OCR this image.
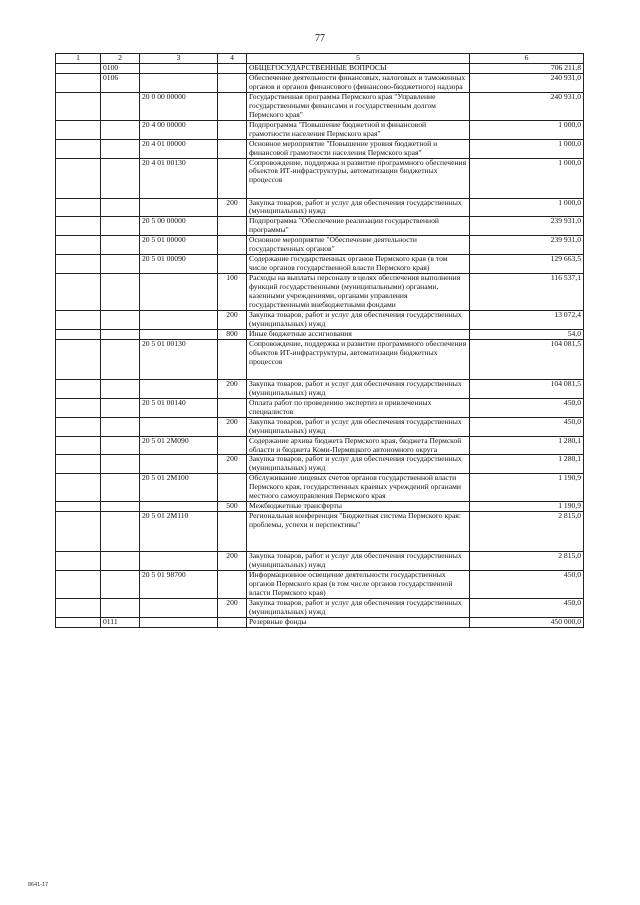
77
1	2	3	4	5	6
	0100			ОБЩЕГОСУДАРСТВЕННЫЕ ВОПРОСЫ	706 211,8
	0106			Обеспечение деятельности финансовых, налоговых и таможенных органов и органов финансового (финансово-бюджетного) надзора	240 931,0
		20 0 00 00000		Государственная программа Пермского края "Управление государственными финансами и государственным долгом Пермского края"	240 931,0
		20 4 00 00000		Подпрограмма "Повышение бюджетной и финансовой грамотности населения Пермского края"	1 000,0
		20 4 01 00000		Основное мероприятие "Повышение уровня бюджетной и финансовой грамотности населения Пермского края"	1 000,0
		20 4 01 00130		Сопровождение, поддержка и развитие программного обеспечения объектов ИТ-инфраструктуры, автоматизации бюджетных процессов	1 000,0
			200	Закупка товаров, работ и услуг для обеспечения государственных (муниципальных) нужд	1 000,0
		20 5 00 00000		Подпрограмма "Обеспечение реализации государственной программы"	239 931,0
		20 5 01 00000		Основное мероприятие "Обеспечение деятельности государственных органов"	239 931,0
		20 5 01 00090		Содержание государственных органов Пермского края (в том числе органов государственной власти Пермского края)	129 663,5
			100	Расходы на выплаты персоналу в целях обеспечения выполнения функций государственными (муниципальными) органами, казенными учреждениями, органами управления государственными внебюджетными фондами	116 537,1
			200	Закупка товаров, работ и услуг для обеспечения государственных (муниципальных) нужд	13 072,4
			800	Иные бюджетные ассигнования	54,0
		20 5 01 00130		Сопровождение, поддержка и развитие программного обеспечения объектов ИТ-инфраструктуры, автоматизации бюджетных процессов	104 081,5
			200	Закупка товаров, работ и услуг для обеспечения государственных (муниципальных) нужд	104 081,5
		20 5 01 00140		Оплата работ по проведению экспертиз и привлеченных специалистов	450,0
			200	Закупка товаров, работ и услуг для обеспечения государственных (муниципальных) нужд	450,0
		20 5 01 2M090		Содержание архива бюджета Пермского края, бюджета Пермской области и бюджета Коми-Пермяцкого автономного округа	1 280,1
			200	Закупка товаров, работ и услуг для обеспечения государственных (муниципальных) нужд	1 280,1
		20 5 01 2M100		Обслуживание лицевых счетов органов государственной власти Пермского края, государственных краевых учреждений органами местного самоуправления Пермского края	1 190,9
			500	Межбюджетные трансферты	1 190,9
		20 5 01 2M110		Региональная конференция "Бюджетная система Пермского края: проблемы, успехи и перспективы"	2 815,0
			200	Закупка товаров, работ и услуг для обеспечения государственных (муниципальных) нужд	2 815,0
		20 5 01 98700		Информационное освещение деятельности государственных органов Пермского края (в том числе органов государственной власти Пермского края)	450,0
			200	Закупка товаров, работ и услуг для обеспечения государственных (муниципальных) нужд	450,0
	0111			Резервные фонды	450 000,0
8641-17
